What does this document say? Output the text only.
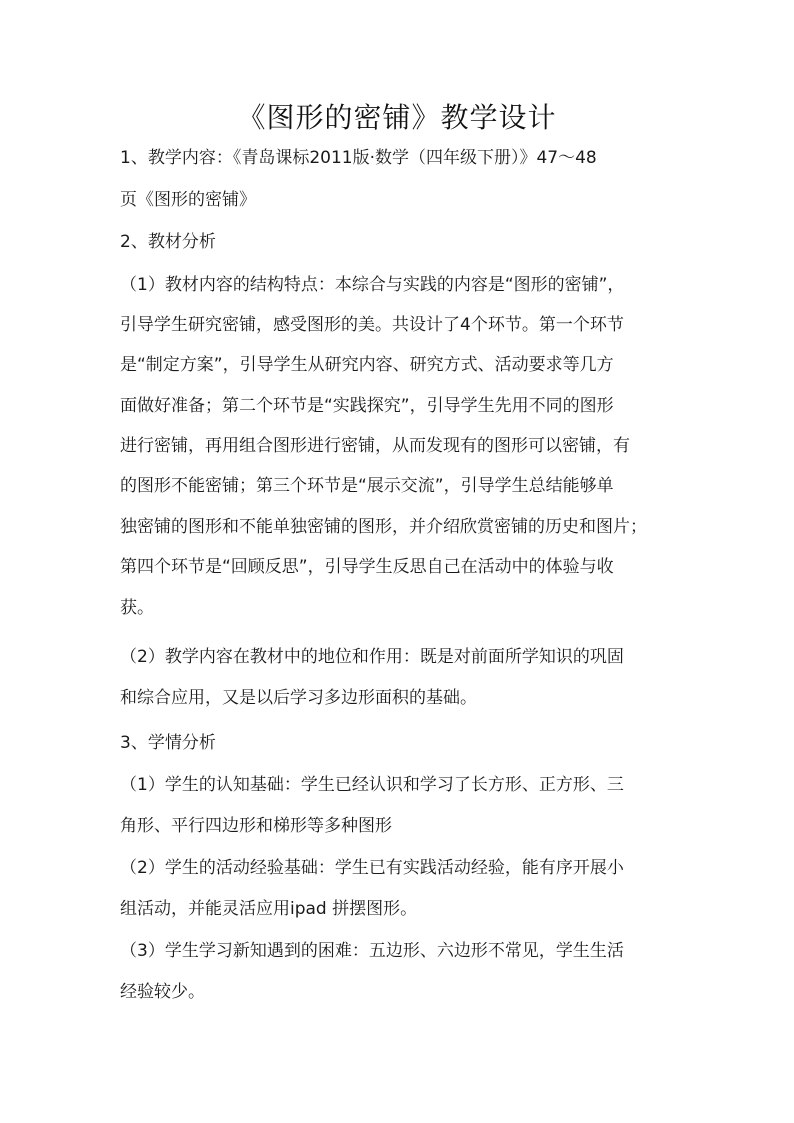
《图形的密铺》教学设计
1、教学内容：《青岛课标2011版·数学（四年级下册）》47～48
页《图形的密铺》
2、教材分析
（1）教材内容的结构特点：本综合与实践的内容是“图形的密铺”，
引导学生研究密铺，感受图形的美。共设计了4个环节。第一个环节
是“制定方案”，引导学生从研究内容、研究方式、活动要求等几方
面做好准备；第二个环节是“实践探究”，引导学生先用不同的图形
进行密铺，再用组合图形进行密铺，从而发现有的图形可以密铺，有
的图形不能密铺；第三个环节是“展示交流”，引导学生总结能够单
独密铺的图形和不能单独密铺的图形，并介绍欣赏密铺的历史和图片；
第四个环节是“回顾反思”，引导学生反思自己在活动中的体验与收
获。
（2）教学内容在教材中的地位和作用：既是对前面所学知识的巩固
和综合应用，又是以后学习多边形面积的基础。
3、学情分析
（1）学生的认知基础：学生已经认识和学习了长方形、正方形、三
角形、平行四边形和梯形等多种图形
（2）学生的活动经验基础：学生已有实践活动经验，能有序开展小
组活动，并能灵活应用ipad 拼摆图形。
（3）学生学习新知遇到的困难：五边形、六边形不常见，学生生活
经验较少。
